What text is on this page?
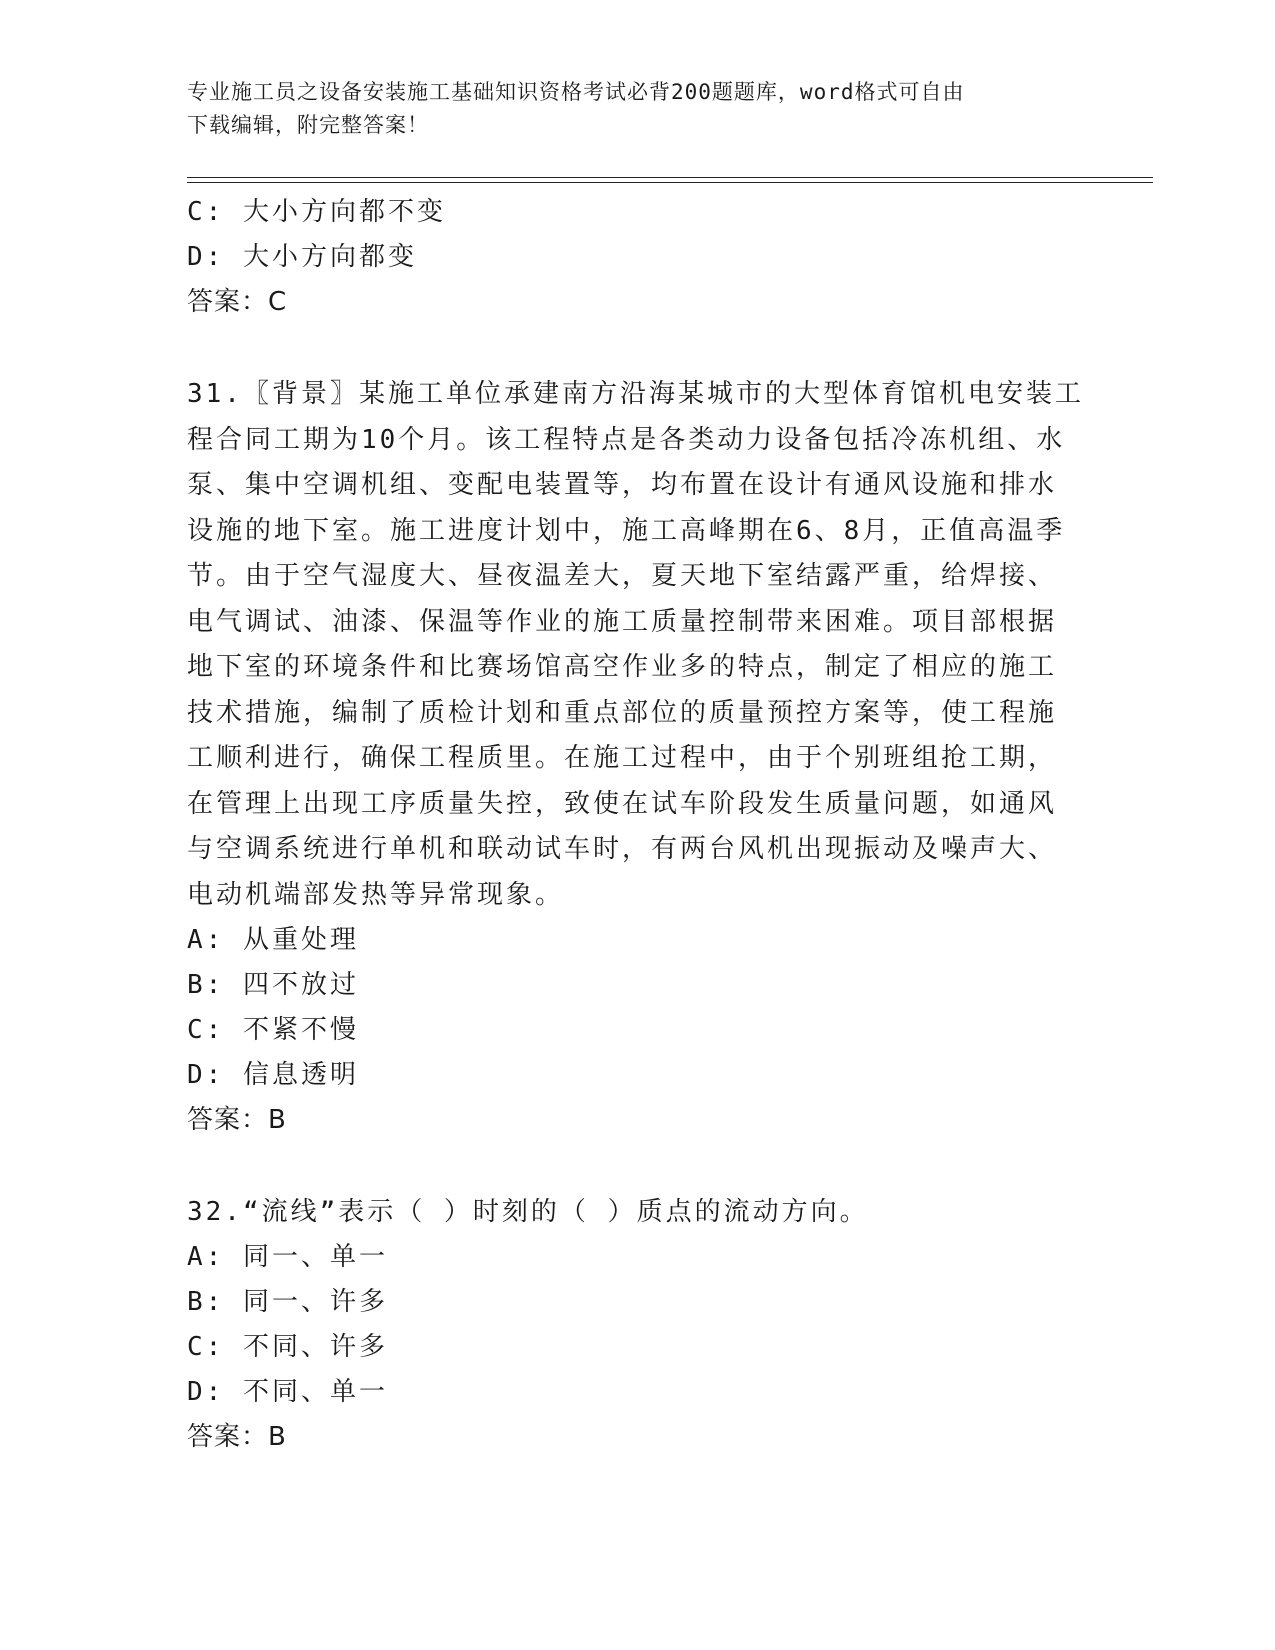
专业施工员之设备安装施工基础知识资格考试必背200题题库，word格式可自由
下载编辑，附完整答案！
C: 大小方向都不变
D: 大小方向都变
答案：C
31.〖背景〗某施工单位承建南方沿海某城市的大型体育馆机电安装工
程合同工期为10个月。该工程特点是各类动力设备包括冷冻机组、水
泵、集中空调机组、变配电装置等，均布置在设计有通风设施和排水
设施的地下室。施工进度计划中，施工高峰期在6、8月，正值高温季
节。由于空气湿度大、昼夜温差大，夏天地下室结露严重，给焊接、
电气调试、油漆、保温等作业的施工质量控制带来困难。项目部根据
地下室的环境条件和比赛场馆高空作业多的特点，制定了相应的施工
技术措施，编制了质检计划和重点部位的质量预控方案等，使工程施
工顺利进行，确保工程质里。在施工过程中，由于个别班组抢工期，
在管理上出现工序质量失控，致使在试车阶段发生质量问题，如通风
与空调系统进行单机和联动试车时，有两台风机出现振动及噪声大、
电动机端部发热等异常现象。
A: 从重处理
B: 四不放过
C: 不紧不慢
D: 信息透明
答案：B
32.“流线”表示（ ）时刻的（ ）质点的流动方向。
A: 同一、单一
B: 同一、许多
C: 不同、许多
D: 不同、单一
答案：B
